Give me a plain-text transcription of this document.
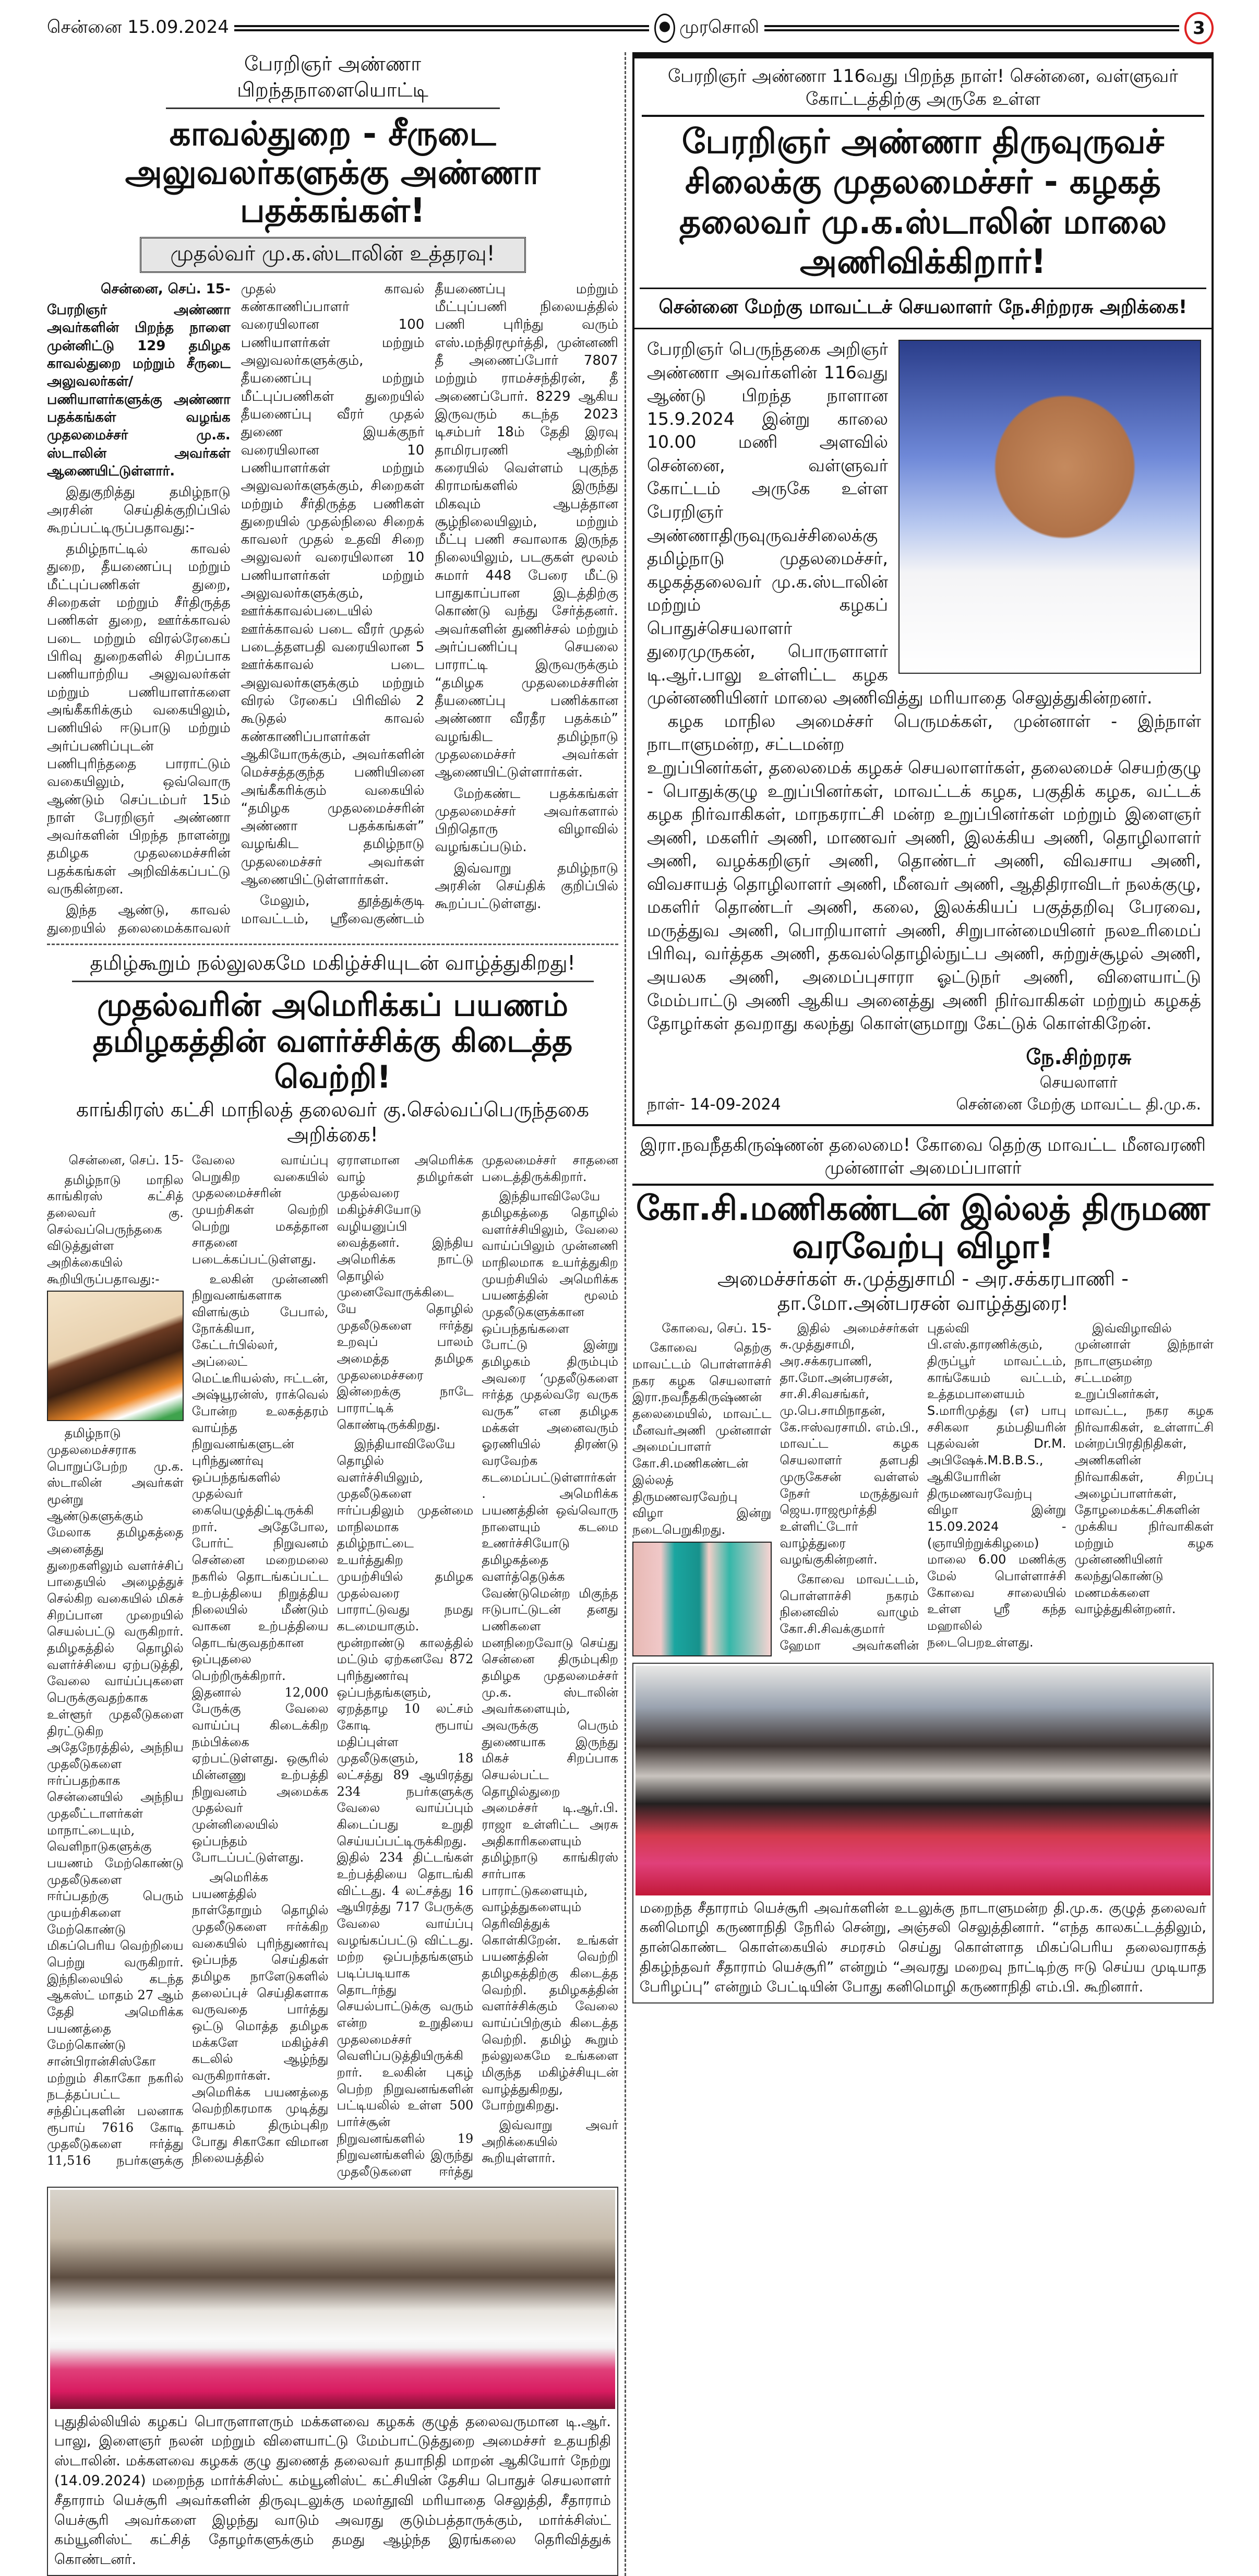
சென்னை 15.09.2024	முரசொலி	3
பேரறிஞர் அண்ணா பிறந்தநாளையொட்டி
காவல்துறை - சீருடை அலுவலர்களுக்கு அண்ணா பதக்கங்கள்!
முதல்வர் மு.க.ஸ்டாலின் உத்தரவு!

சென்னை, செப். 15-

பேரறிஞர் அண்ணா அவர்களின் பிறந்த நாளை முன்னிட்டு 129 தமிழக காவல்துறை மற்றும் சீருடை அலுவலர்கள்/பணியாளர்களுக்கு அண்ணா பதக்கங்கள் வழங்க முதலமைச்சர் மு.க. ஸ்டாலின் அவர்கள் ஆணையிட்டுள்ளார்.

இதுகுறித்து தமிழ்நாடு அரசின் செய்திக்குறிப்பில் கூறப்பட்டிருப்பதாவது:-

தமிழ்நாட்டில் காவல் துறை, தீயணைப்பு மற்றும் மீட்புப்பணிகள் துறை, சிறைகள் மற்றும் சீர்திருத்த பணிகள் துறை, ஊர்க்காவல் படை மற்றும் விரல்ரேகைப் பிரிவு துறைகளில் சிறப்பாக பணியாற்றிய அலுவலர்கள் மற்றும் பணியாளர்களை அங்கீகரிக்கும் வகையிலும், பணியில் ஈடுபாடு மற்றும் அர்ப்பணிப்புடன் பணிபுரிந்ததை பாராட்டும் வகையிலும், ஒவ்வொரு ஆண்டும் செப்டம்பர் 15ம் நாள் பேரறிஞர் அண்ணா அவர்களின் பிறந்த நாளன்று தமிழக முதலமைச்சரின் பதக்கங்கள் அறிவிக்கப்பட்டு வருகின்றன.

இந்த ஆண்டு, காவல் துறையில் தலைமைக்காவலர் முதல் காவல் கண்காணிப்பாளர் வரையிலான 100 பணியாளர்கள் மற்றும் அலுவலர்களுக்கும், தீயணைப்பு மற்றும் மீட்புப்பணிகள் துறையில் தீயணைப்பு வீரர் முதல் துணை இயக்குநர் வரையிலான 10 பணியாளர்கள் மற்றும் அலுவலர்களுக்கும், சிறைகள் மற்றும் சீர்திருத்த பணிகள் துறையில் முதல்நிலை சிறைக் காவலர் முதல் உதவி சிறை அலுவலர் வரையிலான 10 பணியாளர்கள் மற்றும் அலுவலர்களுக்கும், ஊர்க்காவல்படையில் ஊர்க்காவல் படை வீரர் முதல் படைத்தளபதி வரையிலான 5 ஊர்க்காவல் படை அலுவலர்களுக்கும் மற்றும் விரல் ரேகைப் பிரிவில் 2 கூடுதல் காவல் கண்காணிப்பாளர்கள் ஆகியோருக்கும், அவர்களின் மெச்சத்தகுந்த பணியினை அங்கீகரிக்கும் வகையில் “தமிழக முதலமைச்சரின் அண்ணா பதக்கங்கள்” வழங்கிட தமிழ்நாடு முதலமைச்சர் அவர்கள் ஆணையிட்டுள்ளார்கள்.

மேலும், தூத்துக்குடி மாவட்டம், ஸ்ரீவைகுண்டம் தீயணைப்பு மற்றும் மீட்புப்பணி நிலையத்தில் பணி புரிந்து வரும் எஸ்.மந்திரமூர்த்தி, முன்னணி தீ அணைப்போர் 7807 மற்றும் ராமச்சந்திரன், தீ அணைப்போர். 8229 ஆகிய இருவரும் கடந்த 2023 டிசம்பர் 18ம் தேதி இரவு தாமிரபரணி ஆற்றின் கரையில் வெள்ளம் புகுந்த கிராமங்களில் இருந்து மிகவும் ஆபத்தான சூழ்நிலையிலும், மற்றும் மீட்பு பணி சவாலாக இருந்த நிலையிலும், படகுகள் மூலம் சுமார் 448 பேரை மீட்டு பாதுகாப்பான இடத்திற்கு கொண்டு வந்து சேர்த்தனர். அவர்களின் துணிச்சல் மற்றும் அர்ப்பணிப்பு செயலை பாராட்டி இருவருக்கும் “தமிழக முதலமைச்சரின் தீயணைப்பு பணிக்கான அண்ணா வீரதீர பதக்கம்” வழங்கிட தமிழ்நாடு முதலமைச்சர் அவர்கள் ஆணையிட்டுள்ளார்கள்.

மேற்கண்ட பதக்கங்கள் முதலமைச்சர் அவர்களால் பிறிதொரு விழாவில் வழங்கப்படும்.

இவ்வாறு தமிழ்நாடு அரசின் செய்திக் குறிப்பில் கூறப்பட்டுள்ளது.

தமிழ்கூறும் நல்லுலகமே மகிழ்ச்சியுடன் வாழ்த்துகிறது!
முதல்வரின் அமெரிக்கப் பயணம் தமிழகத்தின் வளர்ச்சிக்கு கிடைத்த வெற்றி!
காங்கிரஸ் கட்சி மாநிலத் தலைவர் கு.செல்வப்பெருந்தகை அறிக்கை!

சென்னை, செப். 15-

தமிழ்நாடு மாநில காங்கிரஸ் கட்சித் தலைவர் கு. செல்வப்பெருந்தகை விடுத்துள்ள அறிக்கையில் கூறியிருப்பதாவது:-

தமிழ்நாடு முதலமைச்சராக பொறுப்பேற்ற மு.க. ஸ்டாலின் அவர்கள் மூன்று ஆண்டுகளுக்கும் மேலாக தமிழகத்தை அனைத்து துறைகளிலும் வளர்ச்சிப் பாதையில் அழைத்துச் செல்கிற வகையில் மிகச் சிறப்பான முறையில் செயல்பட்டு வருகிறார். தமிழகத்தில் தொழில் வளர்ச்சியை ஏற்படுத்தி, வேலை வாய்ப்புகளை பெருக்குவதற்காக உள்ளூர் முதலீடுகளை திரட்டுகிற அதேநேரத்தில், அந்நிய முதலீடுகளை ஈர்ப்பதற்காக சென்னையில் அந்நிய முதலீட்டாளர்கள் மாநாட்டையும், வெளிநாடுகளுக்கு பயணம் மேற்கொண்டு முதலீடுகளை ஈர்ப்பதற்கு பெரும் முயற்சிகளை மேற்கொண்டு மிகப்பெரிய வெற்றியை பெற்று வருகிறார். இந்நிலையில் கடந்த ஆகஸ்ட் மாதம் 27 ஆம் தேதி அமெரிக்க பயணத்தை மேற்கொண்டு சான்பிரான்சிஸ்கோ மற்றும் சிகாகோ நகரில் நடத்தப்பட்ட சந்திப்புகளின் பலனாக ரூபாய் 7616 கோடி முதலீடுகளை ஈர்த்து 11,516 நபர்களுக்கு வேலை வாய்ப்பு பெறுகிற வகையில் முதலமைச்சரின் முயற்சிகள் வெற்றி பெற்று மகத்தான சாதனை படைக்கப்பட்டுள்ளது.

உலகின் முன்னணி நிறுவனங்களாக விளங்கும் பேபால், நோக்கியா, கேட்டர்பில்லர், அப்லைட் மெட்டீரியல்ஸ், ஈட்டன், அஷ்யூரன்ஸ், ராக்வெல் போன்ற உலகத்தரம் வாய்ந்த நிறுவனங்களுடன் புரிந்துணர்வு ஒப்பந்தங்களில் முதல்வர் கையெழுத்திட்டிருக்கிறார். அதேபோல, போர்ட் நிறுவனம் சென்னை மறைமலை நகரில் தொடங்கப்பட்ட உற்பத்தியை நிறுத்திய நிலையில் மீண்டும் வாகன உற்பத்தியை தொடங்குவதற்கான ஒப்புதலை பெற்றிருக்கிறார். இதனால் 12,000 பேருக்கு வேலை வாய்ப்பு கிடைக்கிற நம்பிக்கை ஏற்பட்டுள்ளது. ஒசூரில் மின்னணு உற்பத்தி நிறுவனம் அமைக்க முதல்வர் முன்னிலையில் ஒப்பந்தம் போடப்பட்டுள்ளது.

அமெரிக்க பயணத்தில் நாள்தோறும் தொழில் முதலீடுகளை ஈர்க்கிற வகையில் புரிந்துணர்வு ஒப்பந்த செய்திகள் தமிழக நாளேடுகளில் தலைப்புச் செய்திகளாக வருவதை பார்த்து ஒட்டு மொத்த தமிழக மக்களே மகிழ்ச்சி கடலில் ஆழ்ந்து வருகிறார்கள். அமெரிக்க பயணத்தை வெற்றிகரமாக முடித்து தாயகம் திரும்புகிற போது சிகாகோ விமான நிலையத்தில் ஏராளமான அமெரிக்க வாழ் தமிழர்கள் முதல்வரை மகிழ்ச்சியோடு வழியனுப்பி வைத்தனர். இந்திய அமெரிக்க நாட்டு தொழில் முனைவோருக்கிடையே தொழில் முதலீடுகளை ஈர்த்து உறவுப் பாலம் அமைத்த தமிழக முதலமைச்சரை இன்றைக்கு நாடே பாராட்டிக் கொண்டிருக்கிறது.

இந்தியாவிலேயே தொழில் வளர்ச்சியிலும், முதலீடுகளை ஈர்ப்பதிலும் முதன்மை மாநிலமாக தமிழ்நாட்டை உயர்த்துகிற முயற்சியில் தமிழக முதல்வரை பாராட்டுவது நமது கடமையாகும். மூன்றாண்டு காலத்தில் மட்டும் ஏற்கனவே 872 புரிந்துணர்வு ஒப்பந்தங்களும், ஏறத்தாழ 10 லட்சம் கோடி ரூபாய் மதிப்புள்ள முதலீடுகளும், 18 லட்சத்து 89 ஆயிரத்து 234 நபர்களுக்கு வேலை வாய்ப்பும் கிடைப்பது உறுதி செய்யப்பட்டிருக்கிறது. இதில் 234 திட்டங்கள் உற்பத்தியை தொடங்கி விட்டது. 4 லட்சத்து 16 ஆயிரத்து 717 பேருக்கு வேலை வாய்ப்பு வழங்கப்பட்டு விட்டது. மற்ற ஒப்பந்தங்களும் படிப்படியாக தொடர்ந்து செயல்பாட்டுக்கு வரும் என்ற உறுதியை முதலமைச்சர் வெளிப்படுத்தியிருக்கிறார். உலகின் புகழ் பெற்ற நிறுவனங்களின் பட்டியலில் உள்ள 500 பார்ச்சூன் நிறுவனங்களில் 19 நிறுவனங்களில் இருந்து முதலீடுகளை ஈர்த்து முதலமைச்சர் சாதனை படைத்திருக்கிறார்.

இந்தியாவிலேயே தமிழகத்தை தொழில் வளர்ச்சியிலும், வேலை வாய்ப்பிலும் முன்னணி மாநிலமாக உயர்த்துகிற முயற்சியில் அமெரிக்க பயணத்தின் மூலம் முதலீடுகளுக்கான ஒப்பந்தங்களை போட்டு இன்று தமிழகம் திரும்பும் அவரை ‘முதலீடுகளை ஈர்த்த முதல்வரே வருக வருக” என தமிழக மக்கள் அனைவரும் ஓரணியில் திரண்டு வரவேற்க கடமைப்பட்டுள்ளார்கள். அமெரிக்க பயணத்தின் ஒவ்வொரு நாளையும் கடமை உணர்ச்சியோடு தமிழகத்தை வளர்த்தெடுக்க வேண்டுமென்ற மிகுந்த ஈடுபாட்டுடன் தனது பணிகளை மனநிறைவோடு செய்து சென்னை திரும்புகிற தமிழக முதலமைச்சர் மு.க. ஸ்டாலின் அவர்களையும், அவருக்கு பெரும் துணையாக இருந்து மிகச் சிறப்பாக செயல்பட்ட தொழில்துறை அமைச்சர் டி.ஆர்.பி. ராஜா உள்ளிட்ட அரசு அதிகாரிகளையும் தமிழ்நாடு காங்கிரஸ் சார்பாக பாராட்டுகளையும், வாழ்த்துகளையும் தெரிவித்துக் கொள்கிறேன். உங்கள் பயணத்தின் வெற்றி தமிழகத்திற்கு கிடைத்த வெற்றி. தமிழகத்தின் வளர்ச்சிக்கும் வேலை வாய்ப்பிற்கும் கிடைத்த வெற்றி. தமிழ் கூறும் நல்லுலகமே உங்களை மிகுந்த மகிழ்ச்சியுடன் வாழ்த்துகிறது, போற்றுகிறது.

இவ்வாறு அவர் அறிக்கையில் கூறியுள்ளார்.

புதுதில்லியில் கழகப் பொருளாளரும் மக்களவை கழகக் குழுத் தலைவருமான டி.ஆர். பாலு, இளைஞர் நலன் மற்றும் விளையாட்டு மேம்பாட்டுத்துறை அமைச்சர் உதயநிதி ஸ்டாலின். மக்களவை கழகக் குழு துணைத் தலைவர் தயாநிதி மாறன் ஆகியோர் நேற்று (14.09.2024) மறைந்த மார்க்சிஸ்ட் கம்யூனிஸ்ட் கட்சியின் தேசிய பொதுச் செயலாளர் சீதாராம் யெச்சூரி அவர்களின் திருவுடலுக்கு மலர்தூவி மரியாதை செலுத்தி, சீதாராம் யெச்சூரி அவர்களை இழந்து வாடும் அவரது குடும்பத்தாருக்கும், மார்க்சிஸ்ட் கம்யூனிஸ்ட் கட்சித் தோழர்களுக்கும் தமது ஆழ்ந்த இரங்கலை தெரிவித்துக் கொண்டனர்.
பேரறிஞர் அண்ணா 116வது பிறந்த நாள்! சென்னை, வள்ளுவர் கோட்டத்திற்கு அருகே உள்ள
பேரறிஞர் அண்ணா திருவுருவச் சிலைக்கு முதலமைச்சர் - கழகத் தலைவர் மு.க.ஸ்டாலின் மாலை அணிவிக்கிறார்!
சென்னை மேற்கு மாவட்டச் செயலாளர் நே.சிற்றரசு அறிக்கை!

பேரறிஞர் பெருந்தகை அறிஞர் அண்ணா அவர்களின் 116வது ஆண்டு பிறந்த நாளான 15.9.2024 இன்று காலை 10.00 மணி அளவில் சென்னை, வள்ளுவர் கோட்டம் அருகே உள்ள பேரறிஞர் அண்ணாதிருவுருவச்சிலைக்கு தமிழ்நாடு முதலமைச்சர், கழகத்தலைவர் மு.க.ஸ்டாலின் மற்றும் கழகப் பொதுச்செயலாளர் துரைமுருகன், பொருளாளர் டி.ஆர்.பாலு உள்ளிட்ட கழக முன்னணியினர் மாலை அணிவித்து மரியாதை செலுத்துகின்றனர்.

கழக மாநில அமைச்சர் பெருமக்கள், முன்னாள் - இந்நாள் நாடாளுமன்ற, சட்டமன்ற

உறுப்பினர்கள், தலைமைக் கழகச் செயலாளர்கள், தலைமைச் செயற்குழு - பொதுக்குழு உறுப்பினர்கள், மாவட்டக் கழக, பகுதிக் கழக, வட்டக் கழக நிர்வாகிகள், மாநகராட்சி மன்ற உறுப்பினர்கள் மற்றும் இளைஞர் அணி, மகளிர் அணி, மாணவர் அணி, இலக்கிய அணி, தொழிலாளர் அணி, வழக்கறிஞர் அணி, தொண்டர் அணி, விவசாய அணி, விவசாயத் தொழிலாளர் அணி, மீனவர் அணி, ஆதிதிராவிடர் நலக்குழு, மகளிர் தொண்டர் அணி, கலை, இலக்கியப் பகுத்தறிவு பேரவை, மருத்துவ அணி, பொறியாளர் அணி, சிறுபான்மையினர் நலஉரிமைப் பிரிவு, வர்த்தக அணி, தகவல்தொழில்நுட்ப அணி, சுற்றுச்சூழல் அணி, அயலக அணி, அமைப்புசாரா ஓட்டுநர் அணி, விளையாட்டு மேம்பாட்டு அணி ஆகிய அனைத்து அணி நிர்வாகிகள் மற்றும் கழகத் தோழர்கள் தவறாது கலந்து கொள்ளுமாறு கேட்டுக் கொள்கிறேன்.

நாள்- 14-09-2024
நே.சிற்றரசு
செயலாளர்
சென்னை மேற்கு மாவட்ட தி.மு.க.
இரா.நவநீதகிருஷ்ணன் தலைமை! கோவை தெற்கு மாவட்ட மீனவரணி முன்னாள் அமைப்பாளர்
கோ.சி.மணிகண்டன் இல்லத் திருமண வரவேற்பு விழா!
அமைச்சர்கள் சு.முத்துசாமி - அர.சக்கரபாணி - தா.மோ.அன்பரசன் வாழ்த்துரை!

கோவை, செப். 15-

கோவை தெற்கு மாவட்டம் பொள்ளாச்சி நகர கழக செயலாளர் இரா.நவநீதகிருஷ்ணன் தலைமையில், மாவட்ட மீனவர்அணி முன்னாள் அமைப்பாளர் கோ.சி.மணிகண்டன் இல்லத் திருமணவரவேற்பு விழா இன்று நடைபெறுகிறது.

இதில் அமைச்சர்கள் சு.முத்துசாமி, அர.சக்கரபாணி, தா.மோ.அன்பரசன், சா.சி.சிவசங்கர், மு.பெ.சாமிநாதன், கே.ஈஸ்வரசாமி. எம்.பி., மாவட்ட கழக செயலாளர் தளபதி முருகேசன் வள்ளல் நேசர் மருத்துவர் ஜெய.ராஜமூர்த்தி உள்ளிட்டோர் வாழ்த்துரை வழங்குகின்றனர்.

கோவை மாவட்டம், பொள்ளாச்சி நகரம் நினைவில் வாழும் கோ.சி.சிவக்குமார் ஹேமா அவர்களின் புதல்வி பி.எஸ்.தாரணிக்கும், திருப்பூர் மாவட்டம், காங்கேயம் வட்டம், உத்தமபாளையம் S.மாரிமுத்து (எ) பாபு சசிகலா தம்பதியரின் புதல்வன் Dr.M. அபிஷேக்.M.B.B.S., ஆகியோரின் திருமணவரவேற்பு விழா இன்று 15.09.2024 - (ஞாயிற்றுக்கிழமை) மாலை 6.00 மணிக்கு மேல் பொள்ளாச்சி கோவை சாலையில் உள்ள ஸ்ரீ கந்த மஹாலில் நடைபெறஉள்ளது.

இவ்விழாவில் முன்னாள் இந்நாள் நாடாளுமன்ற சட்டமன்ற உறுப்பினர்கள், மாவட்ட, நகர கழக நிர்வாகிகள், உள்ளாட்சி மன்றப்பிரதிநிதிகள், அணிகளின் நிர்வாகிகள், சிறப்பு அழைப்பாளர்கள், தோழமைக்கட்சிகளின் முக்கிய நிர்வாகிகள் மற்றும் கழக முன்னணியினர் கலந்துகொண்டு மணமக்களை வாழ்த்துகின்றனர்.

மறைந்த சீதாராம் யெச்சூரி அவர்களின் உடலுக்கு நாடாளுமன்ற தி.மு.க. குழுத் தலைவர் கனிமொழி கருணாநிதி நேரில் சென்று, அஞ்சலி செலுத்தினார். “எந்த காலகட்டத்திலும், தான்கொண்ட கொள்கையில் சமரசம் செய்து கொள்ளாத மிகப்பெரிய தலைவராகத் திகழ்ந்தவர் சீதாராம் யெச்சூரி” என்றும் “அவரது மறைவு நாட்டிற்கு ஈடு செய்ய முடியாத பேரிழப்பு” என்றும் பேட்டியின் போது கனிமொழி கருணாநிதி எம்.பி. கூறினார்.
